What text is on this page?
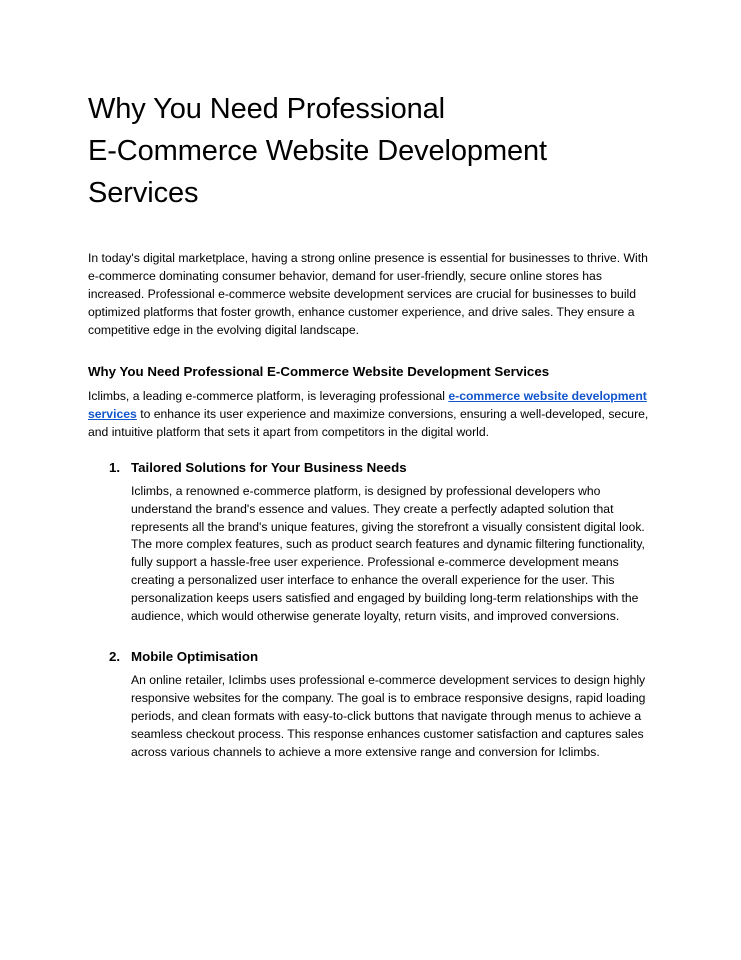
Why You Need Professional
E-Commerce Website Development
Services

In today's digital marketplace, having a strong online presence is essential for businesses to thrive. With e-commerce dominating consumer behavior, demand for user-friendly, secure online stores has increased. Professional e-commerce website development services are crucial for businesses to build optimized platforms that foster growth, enhance customer experience, and drive sales. They ensure a competitive edge in the evolving digital landscape.

Why You Need Professional E-Commerce Website Development Services

Iclimbs, a leading e-commerce platform, is leveraging professional e-commerce website development services to enhance its user experience and maximize conversions, ensuring a well-developed, secure, and intuitive platform that sets it apart from competitors in the digital world.

1. Tailored Solutions for Your Business Needs

Iclimbs, a renowned e-commerce platform, is designed by professional developers who understand the brand's essence and values. They create a perfectly adapted solution that represents all the brand's unique features, giving the storefront a visually consistent digital look. The more complex features, such as product search features and dynamic filtering functionality, fully support a hassle-free user experience. Professional e-commerce development means creating a personalized user interface to enhance the overall experience for the user. This personalization keeps users satisfied and engaged by building long-term relationships with the audience, which would otherwise generate loyalty, return visits, and improved conversions.

2. Mobile Optimisation

An online retailer, Iclimbs uses professional e-commerce development services to design highly responsive websites for the company. The goal is to embrace responsive designs, rapid loading periods, and clean formats with easy-to-click buttons that navigate through menus to achieve a seamless checkout process. This response enhances customer satisfaction and captures sales across various channels to achieve a more extensive range and conversion for Iclimbs.
